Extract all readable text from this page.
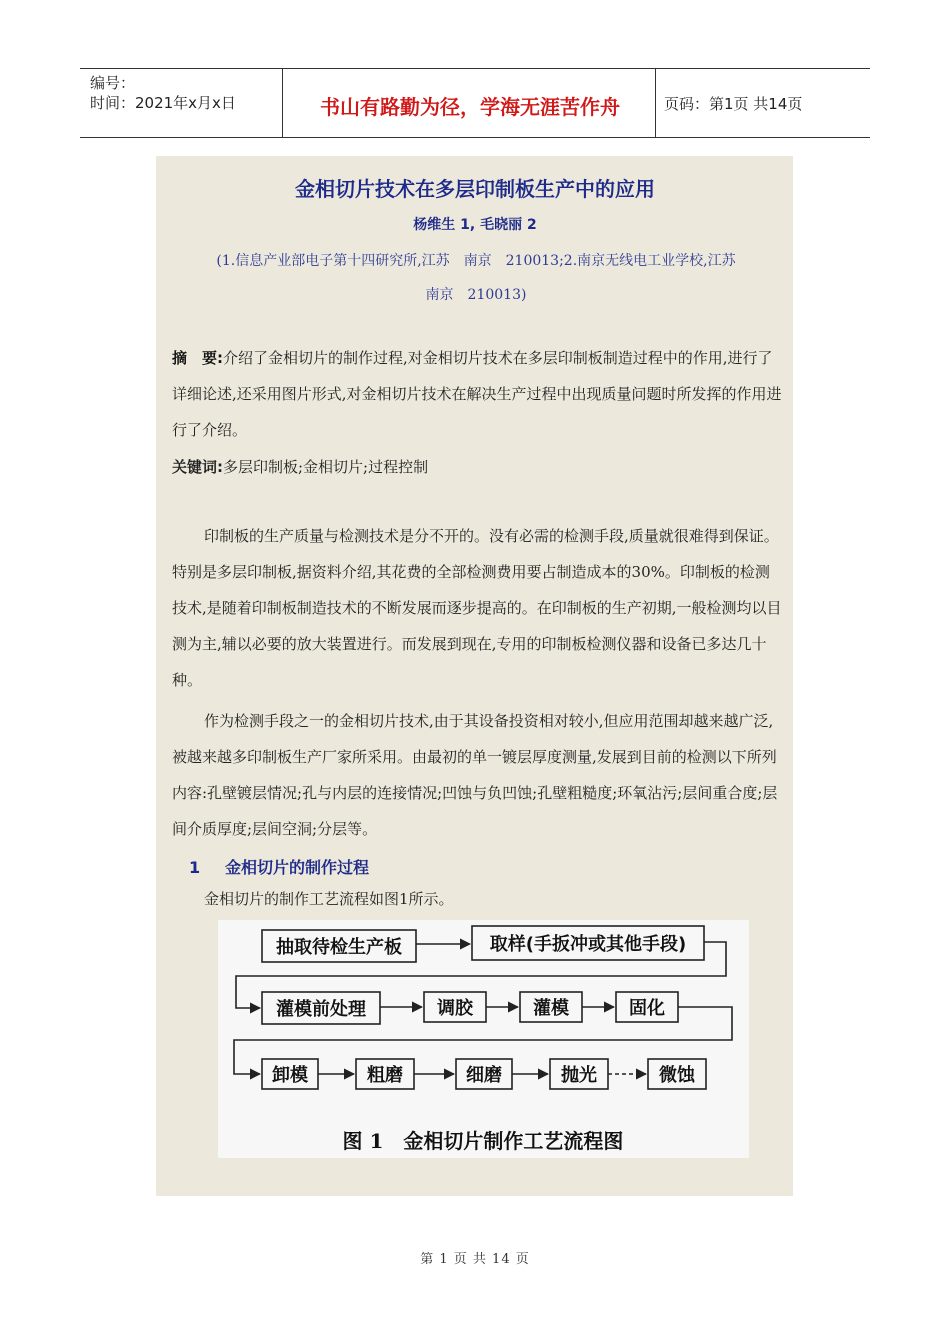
编号：
时间：2021年x月x日	书山有路勤为径，学海无涯苦作舟	页码：第1页 共14页
金相切片技术在多层印制板生产中的应用
杨维生 1, 毛晓丽 2
(1.信息产业部电子第十四研究所,江苏　南京　210013;2.南京无线电工业学校,江苏
南京　210013)
摘　要:介绍了金相切片的制作过程,对金相切片技术在多层印制板制造过程中的作用,进行了详细论述,还采用图片形式,对金相切片技术在解决生产过程中出现质量问题时所发挥的作用进行了介绍。
关键词:多层印制板;金相切片;过程控制
印制板的生产质量与检测技术是分不开的。没有必需的检测手段,质量就很难得到保证。特别是多层印制板,据资料介绍,其花费的全部检测费用要占制造成本的30%。印制板的检测技术,是随着印制板制造技术的不断发展而逐步提高的。在印制板的生产初期,一般检测均以目测为主,辅以必要的放大装置进行。而发展到现在,专用的印制板检测仪器和设备已多达几十种。
作为检测手段之一的金相切片技术,由于其设备投资相对较小,但应用范围却越来越广泛,被越来越多印制板生产厂家所采用。由最初的单一镀层厚度测量,发展到目前的检测以下所列内容:孔壁镀层情况;孔与内层的连接情况;凹蚀与负凹蚀;孔壁粗糙度;环氧沾污;层间重合度;层间介质厚度;层间空洞;分层等。
1 金相切片的制作过程
金相切片的制作工艺流程如图1所示。
抽取待检生产板	取样(手扳冲或其他手段)
灌模前处理	调胶	灌模	固化
卸模	粗磨	细磨	抛光	微蚀
图 1　金相切片制作工艺流程图
第 1 页 共 14 页
